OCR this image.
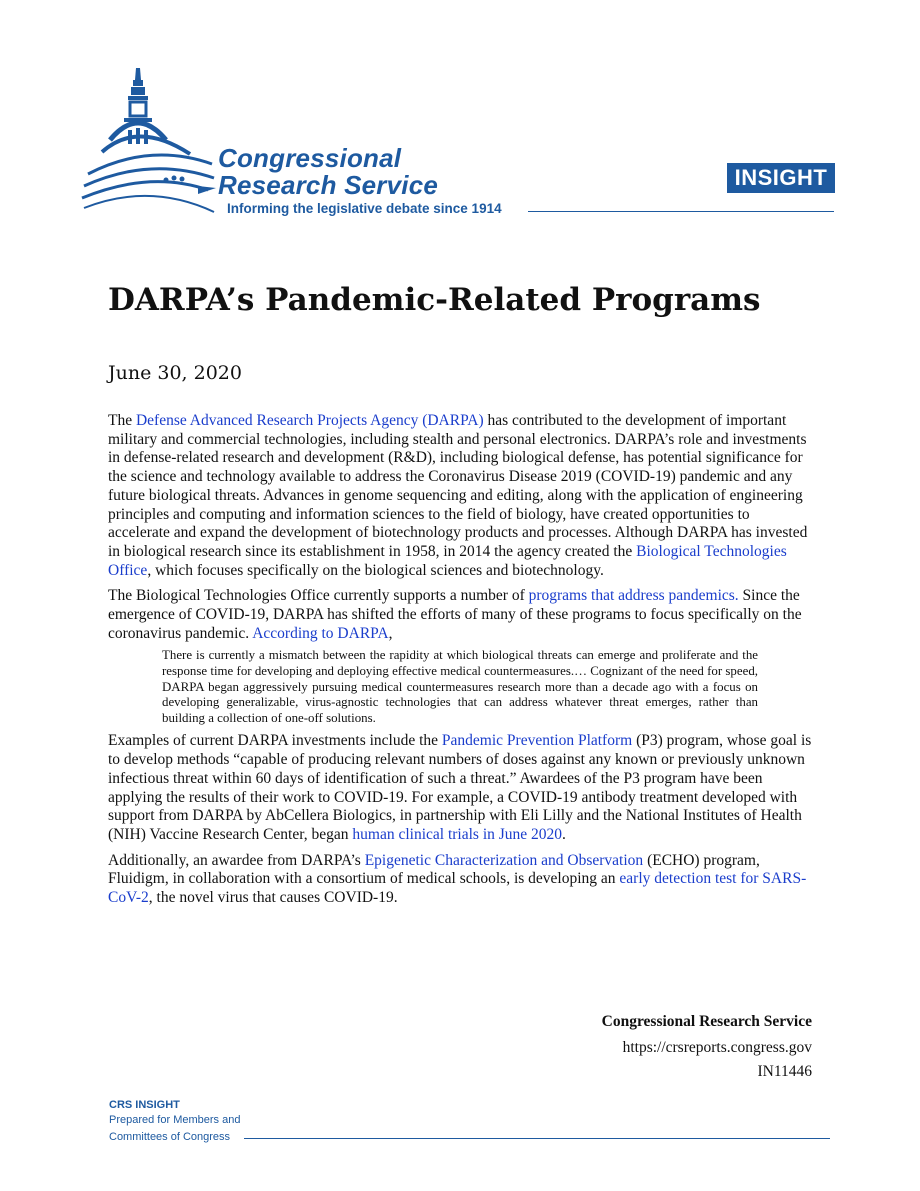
Congressional
Research Service
Informing the legislative debate since 1914
INSIGHT
DARPA’s Pandemic-Related Programs
June 30, 2020

The Defense Advanced Research Projects Agency (DARPA) has contributed to the development of important military and commercial technologies, including stealth and personal electronics. DARPA’s role and investments in defense-related research and development (R&D), including biological defense, has potential significance for the science and technology available to address the Coronavirus Disease 2019 (COVID-19) pandemic and any future biological threats. Advances in genome sequencing and editing, along with the application of engineering principles and computing and information sciences to the field of biology, have created opportunities to accelerate and expand the development of biotechnology products and processes. Although DARPA has invested in biological research since its establishment in 1958, in 2014 the agency created the Biological Technologies Office, which focuses specifically on the biological sciences and biotechnology.

The Biological Technologies Office currently supports a number of programs that address pandemics. Since the emergence of COVID-19, DARPA has shifted the efforts of many of these programs to focus specifically on the coronavirus pandemic. According to DARPA,

There is currently a mismatch between the rapidity at which biological threats can emerge and proliferate and the response time for developing and deploying effective medical countermeasures.… Cognizant of the need for speed, DARPA began aggressively pursuing medical countermeasures research more than a decade ago with a focus on developing generalizable, virus-agnostic technologies that can address whatever threat emerges, rather than building a collection of one-off solutions.

Examples of current DARPA investments include the Pandemic Prevention Platform (P3) program, whose goal is to develop methods “capable of producing relevant numbers of doses against any known or previously unknown infectious threat within 60 days of identification of such a threat.” Awardees of the P3 program have been applying the results of their work to COVID-19. For example, a COVID-19 antibody treatment developed with support from DARPA by AbCellera Biologics, in partnership with Eli Lilly and the National Institutes of Health (NIH) Vaccine Research Center, began human clinical trials in June 2020.

Additionally, an awardee from DARPA’s Epigenetic Characterization and Observation (ECHO) program, Fluidigm, in collaboration with a consortium of medical schools, is developing an early detection test for SARS-CoV-2, the novel virus that causes COVID-19.

Congressional Research Service
https://crsreports.congress.gov
IN11446
CRS INSIGHT
Prepared for Members and
Committees of Congress
